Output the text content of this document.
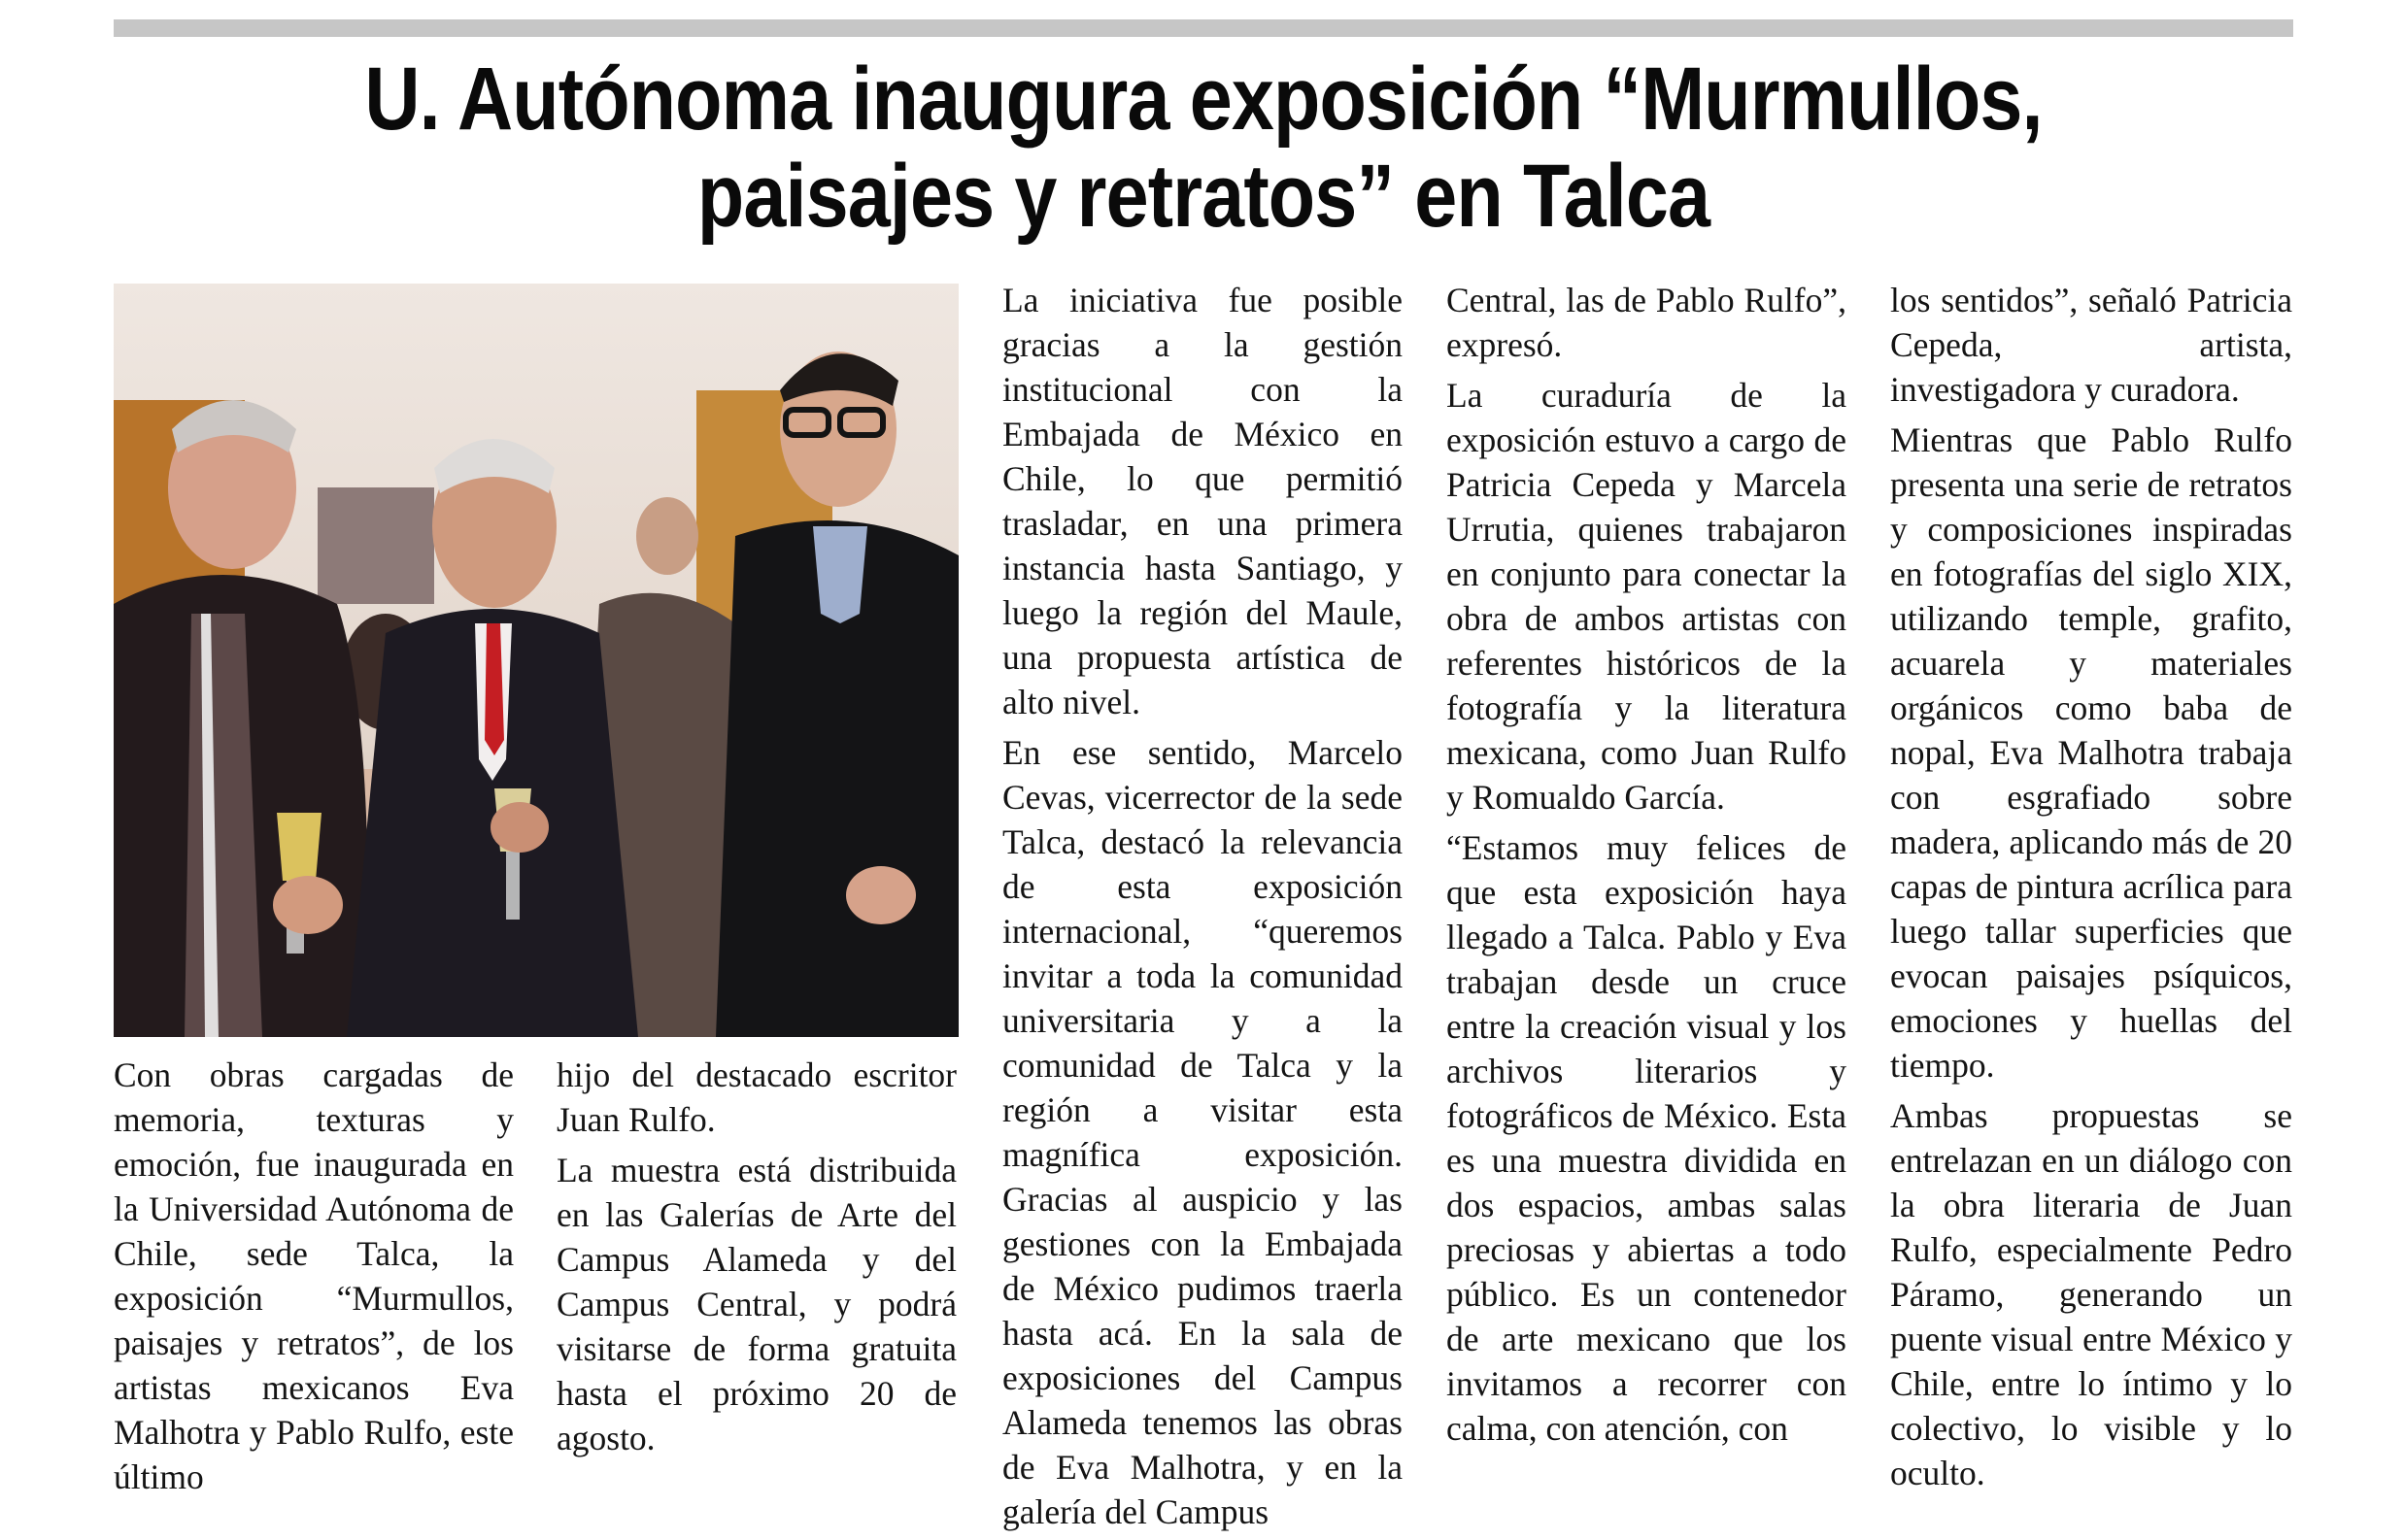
U. Autónoma inaugura exposición “Murmullos, paisajes y retratos” en Talca

Con obras cargadas de memoria, texturas y emoción, fue inaugurada en la Universidad Autónoma de Chile, sede Talca, la exposición “Murmullos, paisajes y retratos”, de los artistas mexicanos Eva Malhotra y Pablo Rulfo, este último

hijo del destacado escritor Juan Rulfo.

La muestra está distribuida en las Galerías de Arte del Campus Alameda y del Campus Central, y podrá visitarse de forma gratuita hasta el próximo 20 de agosto.

La iniciativa fue posible gracias a la gestión institucional con la Embajada de México en Chile, lo que permitió trasladar, en una primera instancia hasta Santiago, y luego la región del Maule, una propuesta artística de alto nivel.

En ese sentido, Marcelo Cevas, vicerrector de la sede Talca, destacó la relevancia de esta exposición internacional, “queremos invitar a toda la comunidad universitaria y a la comunidad de Talca y la región a visitar esta magnífica exposición. Gracias al auspicio y las gestiones con la Embajada de México pudimos traerla hasta acá. En la sala de exposiciones del Campus Alameda tenemos las obras de Eva Malhotra, y en la galería del Campus

Central, las de Pablo Rulfo”, expresó.

La curaduría de la exposición estuvo a cargo de Patricia Cepeda y Marcela Urrutia, quienes trabajaron en conjunto para conectar la obra de ambos artistas con referentes históricos de la fotografía y la literatura mexicana, como Juan Rulfo y Romualdo García.

“Estamos muy felices de que esta exposición haya llegado a Talca. Pablo y Eva trabajan desde un cruce entre la creación visual y los archivos literarios y fotográficos de México. Esta es una muestra dividida en dos espacios, ambas salas preciosas y abiertas a todo público. Es un contenedor de arte mexicano que los invitamos a recorrer con calma, con atención, con

los sentidos”, señaló Patricia Cepeda, artista, investigadora y curadora.

Mientras que Pablo Rulfo presenta una serie de retratos y composiciones inspiradas en fotografías del siglo XIX, utilizando temple, grafito, acuarela y materiales orgánicos como baba de nopal, Eva Malhotra trabaja con esgrafiado sobre madera, aplicando más de 20 capas de pintura acrílica para luego tallar superficies que evocan paisajes psíquicos, emociones y huellas del tiempo.

Ambas propuestas se entrelazan en un diálogo con la obra literaria de Juan Rulfo, especialmente Pedro Páramo, generando un puente visual entre México y Chile, entre lo íntimo y lo colectivo, lo visible y lo oculto.
